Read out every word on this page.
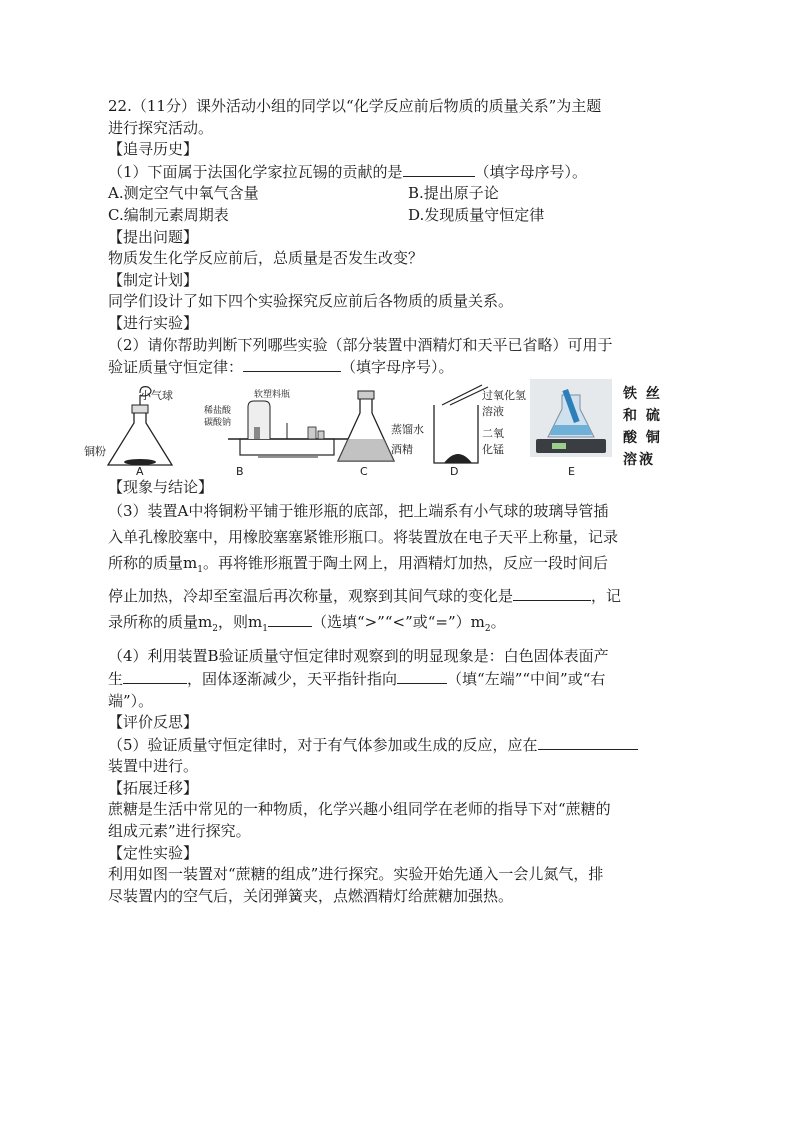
22.（11分）课外活动小组的同学以“化学反应前后物质的质量关系”为主题
进行探究活动。
【追寻历史】
（1）下面属于法国化学家拉瓦锡的贡献的是	（填字母序号）。
A.测定空气中氧气含量	B.提出原子论
C.编制元素周期表	D.发现质量守恒定律
【提出问题】
物质发生化学反应前后，总质量是否发生改变？
【制定计划】
同学们设计了如下四个实验探究反应前后各物质的质量关系。
【进行实验】
（2）请你帮助判断下列哪些实验（部分装置中酒精灯和天平已省略）可用于
验证质量守恒定律：	（填字母序号）。
小气球
铜粉
A
软塑料瓶
稀盐酸
碳酸钠
B
蒸馏水
酒精
C
过氧化氢
溶液
二氧
化锰
D	E
铁 丝
和 硫
酸 铜
溶液
【现象与结论】
（3）装置A中将铜粉平铺于锥形瓶的底部，把上端系有小气球的玻璃导管插
入单孔橡胶塞中，用橡胶塞塞紧锥形瓶口。将装置放在电子天平上称量，记录
所称的质量$m_1$。再将锥形瓶置于陶土网上，用酒精灯加热，反应一段时间后
停止加热，冷却至室温后再次称量，观察到其间气球的变化是	，记
录所称的质量$m_2$，则$m_1$	（选填“>”“<”或“$=”)m_2$。
（4）利用装置B验证质量守恒定律时观察到的明显现象是：白色固体表面产
生	，固体逐渐减少，天平指针指向	（填“左端”“中间”或“右
端”）。
【评价反思】
（5）验证质量守恒定律时，对于有气体参加或生成的反应，应在
装置中进行。
【拓展迁移】
蔗糖是生活中常见的一种物质，化学兴趣小组同学在老师的指导下对“蔗糖的
组成元素”进行探究。
【定性实验】
利用如图一装置对“蔗糖的组成”进行探究。实验开始先通入一会儿氮气，排
尽装置内的空气后，关闭弹簧夹，点燃酒精灯给蔗糖加强热。
